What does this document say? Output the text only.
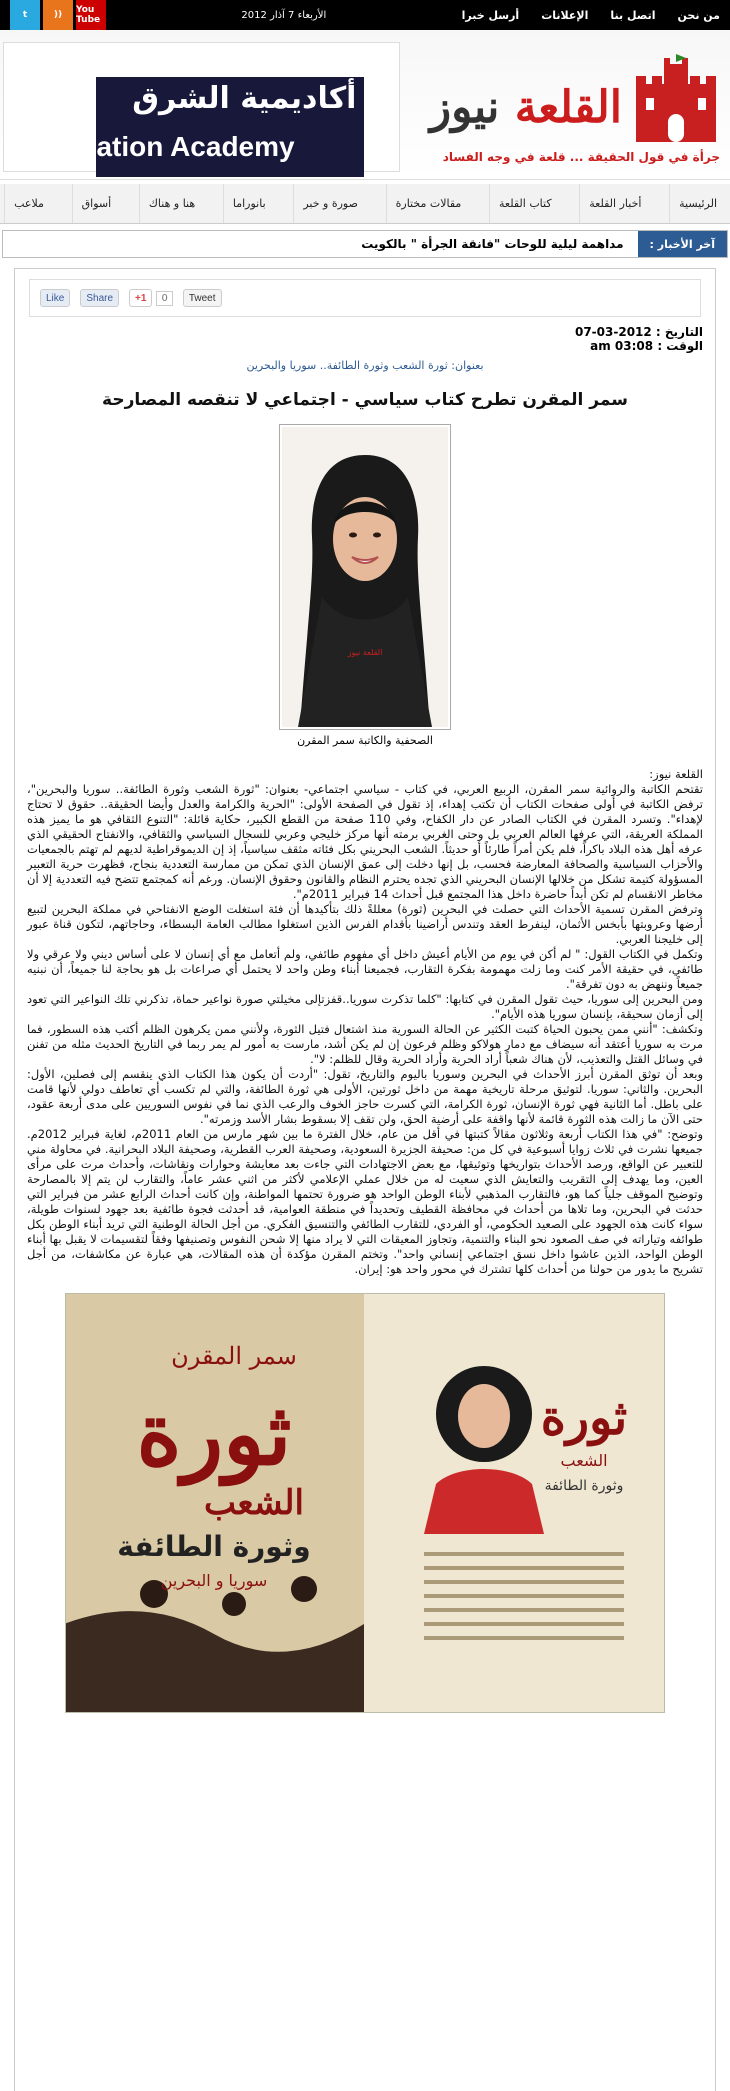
من نحن
اتصل بنا
الإعلانات
أرسل خبرا
الأربعاء 7 آذار 2012
t	))	You Tube
القلعة نيوز
جرأة في قول الحقيقة ... قلعة في وجه الفساد
أكاديمية الشرق
ation Academy
الرئيسية
أخبار القلعة
كتاب القلعة
مقالات مختارة
صورة و خبر
بانوراما
هنا و هناك
أسواق
ملاعب
آخر الأخبار :
مداهمة ليلية للوحات "فانقة الجرأة " بالكويت
Tweet
+1	0
Share
Like
التاريخ : 2012-03-07
الوقت : am 03:08
بعنوان: ثورة الشعب وثورة الطائفة.. سوريا والبحرين
سمر المقرن تطرح كتاب سياسي - اجتماعي لا تنقصه المصارحة
القلعة نيوز
الصحفية والكاتبة سمر المقرن

القلعة نيوز:

تقتحم الكاتبة والروائية سمر المقرن، الربيع العربي، في كتاب - سياسي اجتماعي- بعنوان: "ثورة الشعب وثورة الطائفة.. سوريا والبحرين"، ترفض الكاتبة في أولى صفحات الكتاب أن تكتب إهداء، إذ تقول في الصفحة الأولى: "الحرية والكرامة والعدل وأيضا الحقيقة.. حقوق لا تحتاج لإهداء". وتسرد المقرن في الكتاب الصادر عن دار الكفاح، وفي 110 صفحة من القطع الكبير، حكاية قائلة: "التنوع الثقافي هو ما يميز هذه المملكة العريقة، التي عرفها العالم العربي بل وحتى الغربي برمته أنها مركز خليجي وعربي للسجال السياسي والثقافي، والانفتاح الحقيقي الذي عرفه أهل هذه البلاد باكراً، فلم يكن أمراً طارئاً أو حديثاً. الشعب البحريني بكل فئاته مثقف سياسياً، إذ إن الديموقراطية لديهم لم تهتم بالجمعيات والأحزاب السياسية والصحافة المعارضة فحسب، بل إنها دخلت إلى عمق الإنسان الذي تمكن من ممارسة التعددية بنجاح، فظهرت حرية التعبير المسؤولة كتيمة تشكل من خلالها الإنسان البحريني الذي تجده يحترم النظام والقانون وحقوق الإنسان. ورغم أنه كمجتمع تتضح فيه التعددية إلا أن مخاطر الانقسام لم تكن أبداً حاضرة داخل هذا المجتمع قبل أحداث 14 فبراير 2011م".

وترفض المقرن تسمية الأحداث التي حصلت في البحرين (ثورة) معللةً ذلك بتأكيدها أن فئة استغلت الوضع الانفتاحي في مملكة البحرين لتبيع أرضها وعروبتها بأبخس الأثمان، لينفرط العقد وتندس أراضينا بأقدام الفرس الذين استغلوا مطالب العامة البسطاء، وحاجاتهم، لتكون قناة عبور إلى خليجنا العربي.

وتكمل في الكتاب القول: " لم أكن في يوم من الأيام أعيش داخل أي مفهوم طائفي، ولم أتعامل مع أي إنسان لا على أساس ديني ولا عرقي ولا طائفي، في حقيقة الأمر كنت وما زلت مهمومة بفكرة التقارب، فجميعنا أبناء وطن واحد لا يحتمل أي صراعات بل هو بحاجة لنا جميعاً، أن نبنيه جميعاً وننهض به دون تفرقة".

ومن البحرين إلى سوريا، حيث تقول المقرن في كتابها: "كلما تذكرت سوريا..قفزتإلى مخيلتي صورة نواعير حماة، تذكرني تلك النواعير التي تعود إلى أزمان سحيقة، بإنسان سوريا هذه الأيام".

وتكشف: "أنني ممن يحبون الحياة كتبت الكثير عن الحالة السورية منذ اشتعال فتيل الثورة، ولأنني ممن يكرهون الظلم أكتب هذه السطور، فما مرت به سوريا أعتقد أنه سيضاف مع دمار هولاكو وظلم فرعون إن لم يكن أشد، مارست به أمور لم يمر ربما في التاريخ الحديث مثله من تفنن في وسائل القتل والتعذيب، لأن هناك شعباً أراد الحرية وأراد الحرية وقال للظلم: لا".

وبعد أن توثق المقرن أبرز الأحداث في البحرين وسوريا باليوم والتاريخ، تقول: "أردت أن يكون هذا الكتاب الذي ينقسم إلى فصلين، الأول: البحرين. والثاني: سوريا. لتوثيق مرحلة تاريخية مهمة من داخل ثورتين، الأولى هي ثورة الطائفة، والتي لم تكسب أي تعاطف دولي لأنها قامت على باطل. أما الثانية فهي ثورة الإنسان، ثورة الكرامة، التي كسرت حاجز الخوف والرعب الذي نما في نفوس السوريين على مدى أربعة عقود، حتى الآن ما زالت هذه الثورة قائمة لأنها واقفة على أرضية الحق، ولن تقف إلا بسقوط بشار الأسد وزمرته".

وتوضح: "في هذا الكتاب أربعة وثلاثون مقالاً كتبتها في أقل من عام، خلال الفترة ما بين شهر مارس من العام 2011م، لغاية فبراير 2012م. جميعها نشرت في ثلاث زوايا أسبوعية في كل من: صحيفة الجزيرة السعودية، وصحيفة العرب القطرية، وصحيفة البلاد البحرانية. في محاولة مني للتعبير عن الواقع، ورصد الأحداث بتواريخها وتوثيقها، مع بعض الاجتهادات التي جاءت بعد معايشة وحوارات ونقاشات، وأحداث مرت على مرأى العين، وما يهدف إلى التقريب والتعايش الذي سعيت له من خلال عملي الإعلامي لأكثر من اثني عشر عاماً، والتقارب لن يتم إلا بالمصارحة وتوضيح الموقف جلياً كما هو، فالتقارب المذهبي لأبناء الوطن الواحد هو ضرورة تحتمها المواطنة، وإن كانت أحداث الرابع عشر من فبراير التي حدثت في البحرين، وما تلاها من أحداث في محافظة القطيف وتحديداً في منطقة العوامية، قد أحدثت فجوة طائفية بعد جهود لسنوات طويلة، سواء كانت هذه الجهود على الصعيد الحكومي، أو الفردي، للتقارب الطائفي والتنسيق الفكري. من أجل الحالة الوطنية التي تريد أبناء الوطن بكل طوائفه وتياراته في صف الصعود نحو البناء والتنمية، وتجاوز المعيقات التي لا يراد منها إلا شحن النفوس وتصنيفها وفقاً لتقسيمات لا يقبل بها أبناء الوطن الواحد، الذين عاشوا داخل نسق اجتماعي إنساني واحد". وتختم المقرن مؤكدة أن هذه المقالات، هي عبارة عن مكاشفات، من أجل تشريح ما يدور من حولنا من أحداث كلها تشترك في محور واحد هو: إيران.

ثورة
الشعب
وثورة الطائفة
سوريا و البحرين
سمر المقرن
ثورة
الشعب
وثورة الطائفة
